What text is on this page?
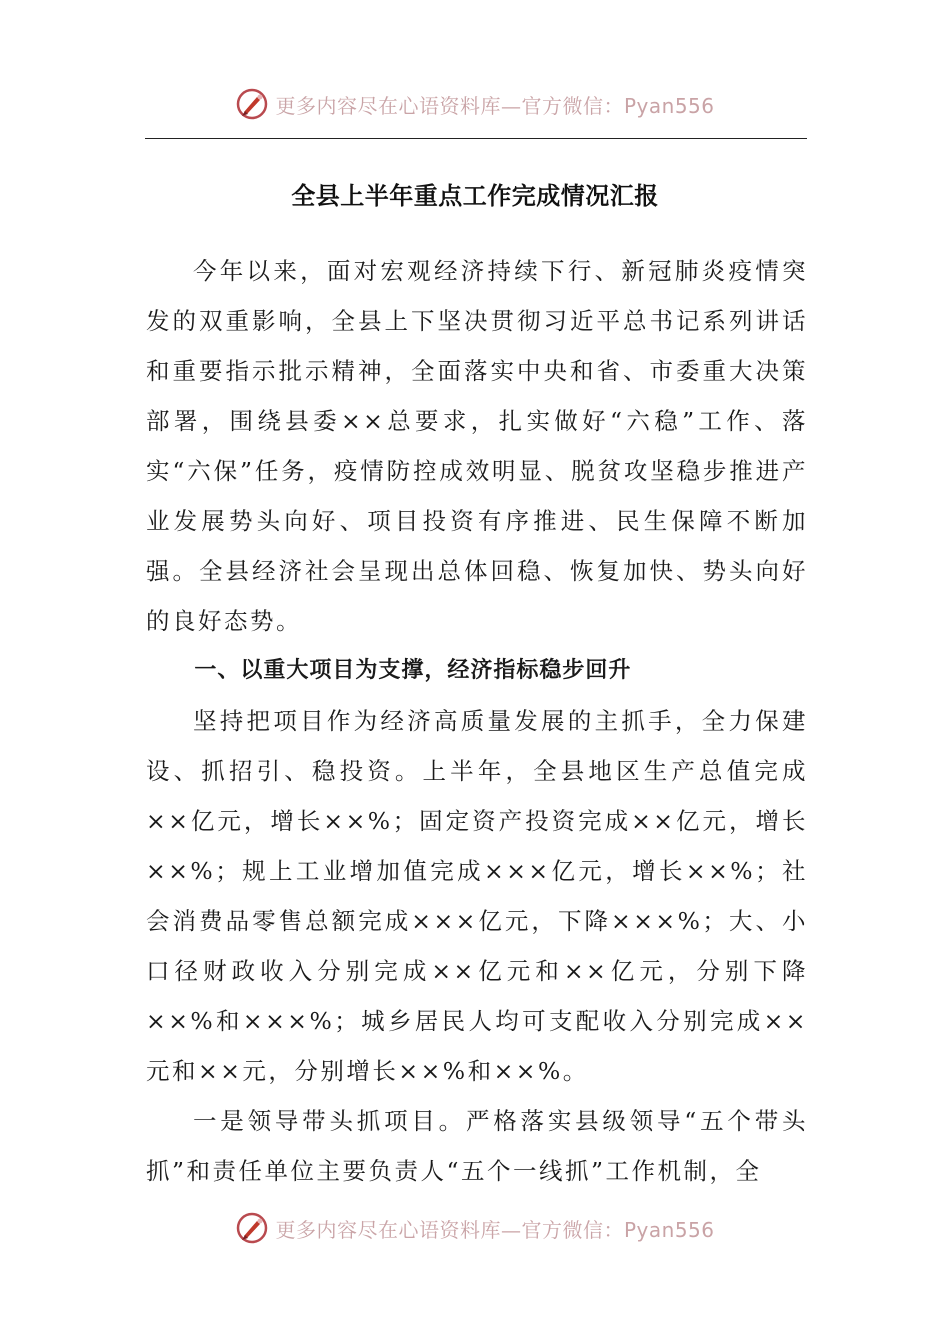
更多内容尽在心语资料库—官方微信：Pyan556
全县上半年重点工作完成情况汇报

今年以来，面对宏观经济持续下行、新冠肺炎疫情突发的双重影响，全县上下坚决贯彻习近平总书记系列讲话和重要指示批示精神，全面落实中央和省、市委重大决策部署，围绕县委××总要求，扎实做好“六稳”工作、落实“六保”任务，疫情防控成效明显、脱贫攻坚稳步推进产业发展势头向好、项目投资有序推进、民生保障不断加强。全县经济社会呈现出总体回稳、恢复加快、势头向好的良好态势。

一、以重大项目为支撑，经济指标稳步回升

坚持把项目作为经济高质量发展的主抓手，全力保建设、抓招引、稳投资。上半年，全县地区生产总值完成××亿元，增长××%；固定资产投资完成××亿元，增长××%；规上工业增加值完成×××亿元，增长××%；社会消费品零售总额完成×××亿元，下降×××%；大、小口径财政收入分别完成××亿元和××亿元，分别下降××%和×××%；城乡居民人均可支配收入分别完成××元和××元，分别增长××%和××%。

一是领导带头抓项目。严格落实县级领导“五个带头抓”和责任单位主要负责人“五个一线抓”工作机制，全

更多内容尽在心语资料库—官方微信：Pyan556
